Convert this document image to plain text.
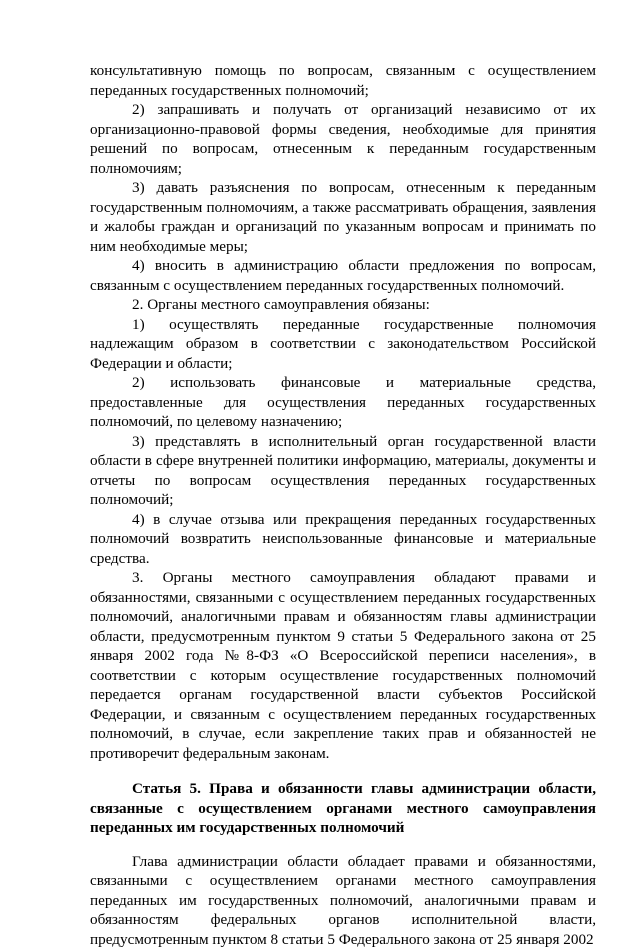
консультативную помощь по вопросам, связанным с осуществлением переданных государственных полномочий;

2) запрашивать и получать от организаций независимо от их организационно-правовой формы сведения, необходимые для принятия решений по вопросам, отнесенным к переданным государственным полномочиям;

3) давать разъяснения по вопросам, отнесенным к переданным государственным полномочиям, а также рассматривать обращения, заявления и жалобы граждан и организаций по указанным вопросам и принимать по ним необходимые меры;

4) вносить в администрацию области предложения по вопросам, связанным с осуществлением переданных государственных полномочий.

2. Органы местного самоуправления обязаны:

1) осуществлять переданные государственные полномочия надлежащим образом в соответствии с законодательством Российской Федерации и области;

2) использовать финансовые и материальные средства, предоставленные для осуществления переданных государственных полномочий, по целевому назначению;

3) представлять в исполнительный орган государственной власти области в сфере внутренней политики информацию, материалы, документы и отчеты по вопросам осуществления переданных государственных полномочий;

4) в случае отзыва или прекращения переданных государственных полномочий возвратить неиспользованные финансовые и материальные средства.

3. Органы местного самоуправления обладают правами и обязанностями, связанными с осуществлением переданных государственных полномочий, аналогичными правам и обязанностям главы администрации области, предусмотренным пунктом 9 статьи 5 Федерального закона от 25 января 2002 года №8-ФЗ «О Всероссийской переписи населения», в соответствии с которым осуществление государственных полномочий передается органам государственной власти субъектов Российской Федерации, и связанным с осуществлением переданных государственных полномочий, в случае, если закрепление таких прав и обязанностей не противоречит федеральным законам.

Статья 5. Права и обязанности главы администрации области, связанные с осуществлением органами местного самоуправления переданных им государственных полномочий

Глава администрации области обладает правами и обязанностями, связанными с осуществлением органами местного самоуправления переданных им государственных полномочий, аналогичными правам и обязанностям федеральных органов исполнительной власти, предусмотренным пунктом 8 статьи 5 Федерального закона от 25 января 2002
